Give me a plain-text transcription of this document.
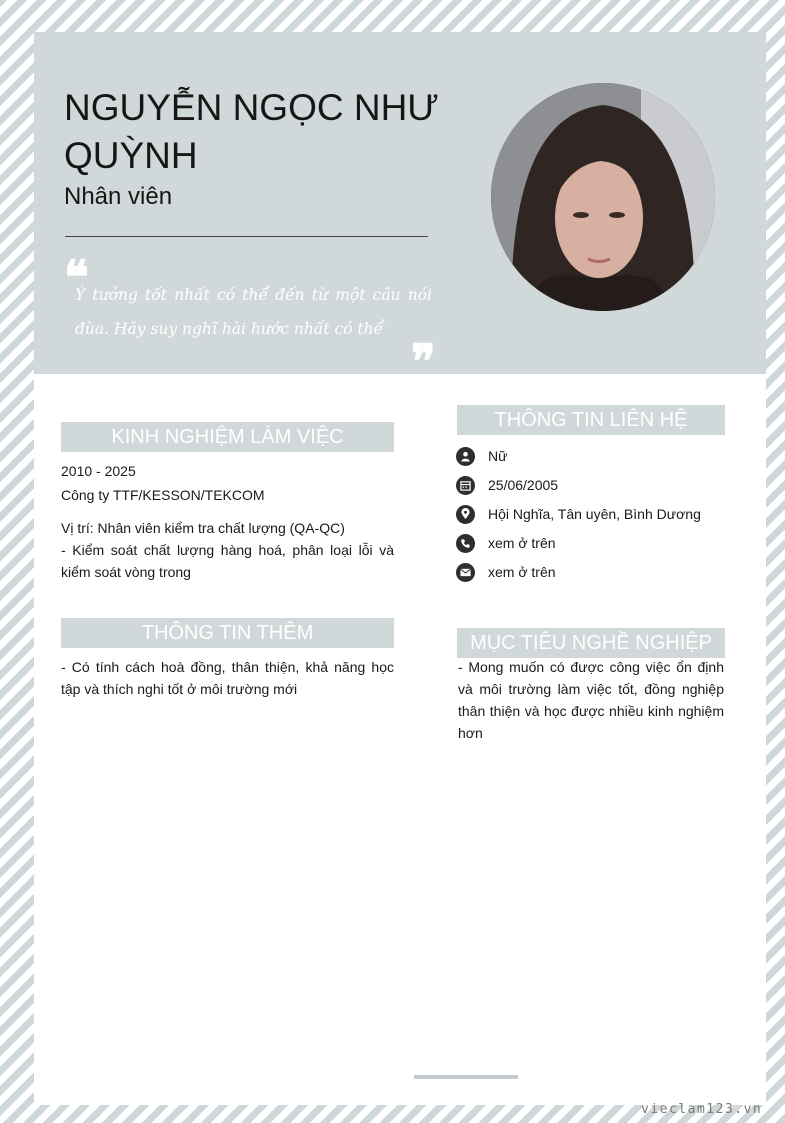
NGUYỄN NGỌC NHƯ QUỲNH

Nhân viên

❝
Ý tưởng tốt nhất có thể đến từ một câu nói đùa. Hãy suy nghĩ hài hước nhất có thể
❞
KINH NGHIỆM LÀM VIỆC

2010 - 2025

Công ty TTF/KESSON/TEKCOM

Vị trí: Nhân viên kiểm tra chất lượng (QA-QC)

- Kiểm soát chất lượng hàng hoá, phân loại lỗi và kiểm soát vòng trong

THÔNG TIN THÊM

- Có tính cách hoà đồng, thân thiện, khả năng học tập và thích nghi tốt ở môi trường mới

THÔNG TIN LIÊN HỆ
Nữ
25/06/2005
Hội Nghĩa, Tân uyên, Bình Dương
xem ở trên
xem ở trên
MỤC TIÊU NGHỀ NGHIỆP

- Mong muốn có được công việc ổn định và môi trường làm việc tốt, đồng nghiệp thân thiện và học được nhiều kinh nghiệm hơn

vieclam123.vn
